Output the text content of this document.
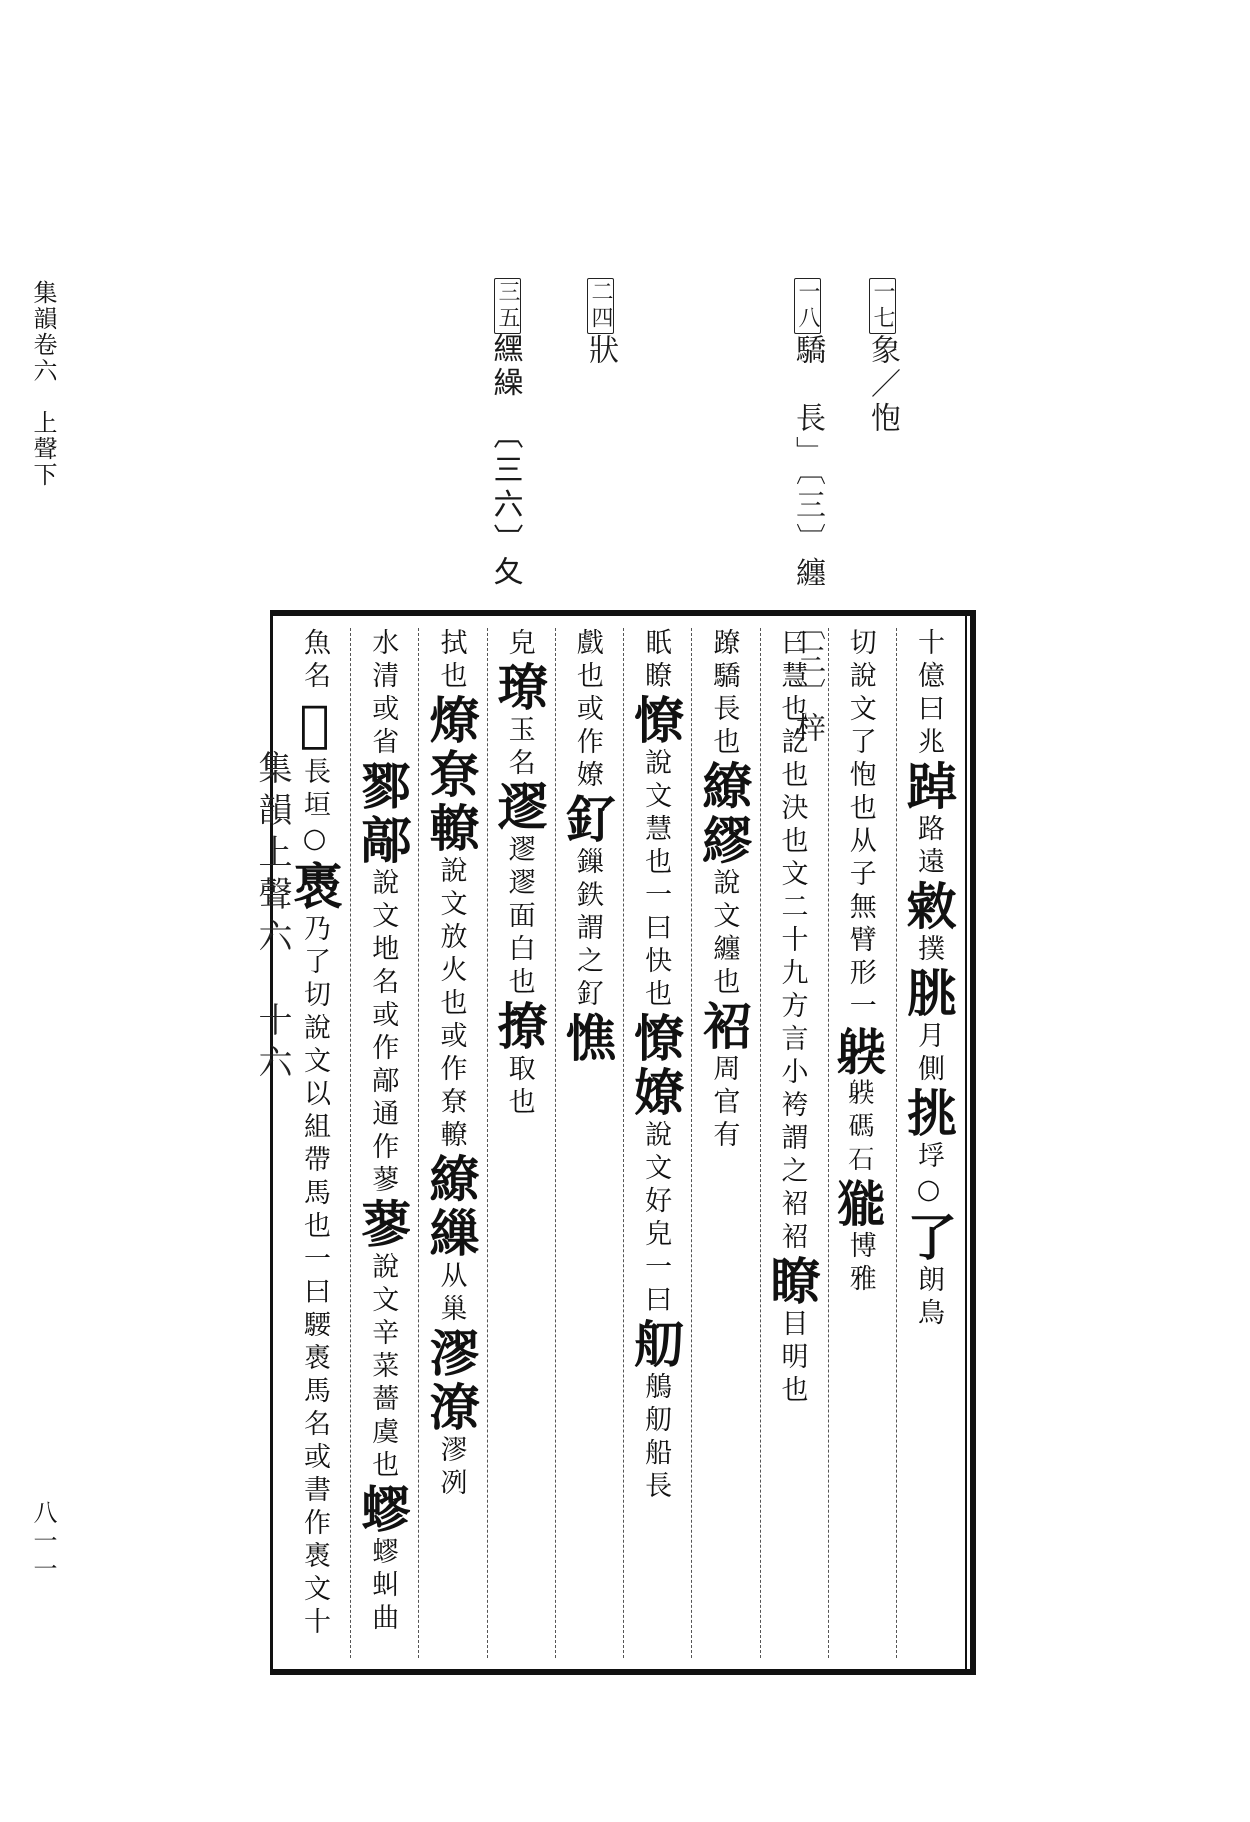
集韻卷六　上聲下
八一一
一七象／怉
一八驕　長」〔三〕纏　〔三〕梓
二四狀
三五𦄿繰　〔三六〕夂
集韻上聲六　十六
十億曰兆踔路遠敹撲朓月側挑垺○了朗鳥
切說文了怉也从子無臂形一𨉊𨉊碼石𤠗博雅
曰慧也訖也決也文二十九方言小袴謂之袑袑瞭目明也
蹽驕長也繚繆說文纏也袑周官有
眂瞭憭說文慧也一曰快也憭嫽說文好皃一曰舠鵃舠船長
戲也或作嫽釕鏁鉄謂之釕憔
皃璙玉名䢧䢧䢧面白也撩取也
拭也燎尞轑說文放火也或作尞轑繚繅从巢漻潦漻冽
水清或省鄝鄗說文地名或作鄗通作蓼蓼說文辛菜薔虞也蟉蟉虯曲
魚名𩷂長垣○褭乃了切說文以組帶馬也一曰騕褭馬名或書作褭文十
